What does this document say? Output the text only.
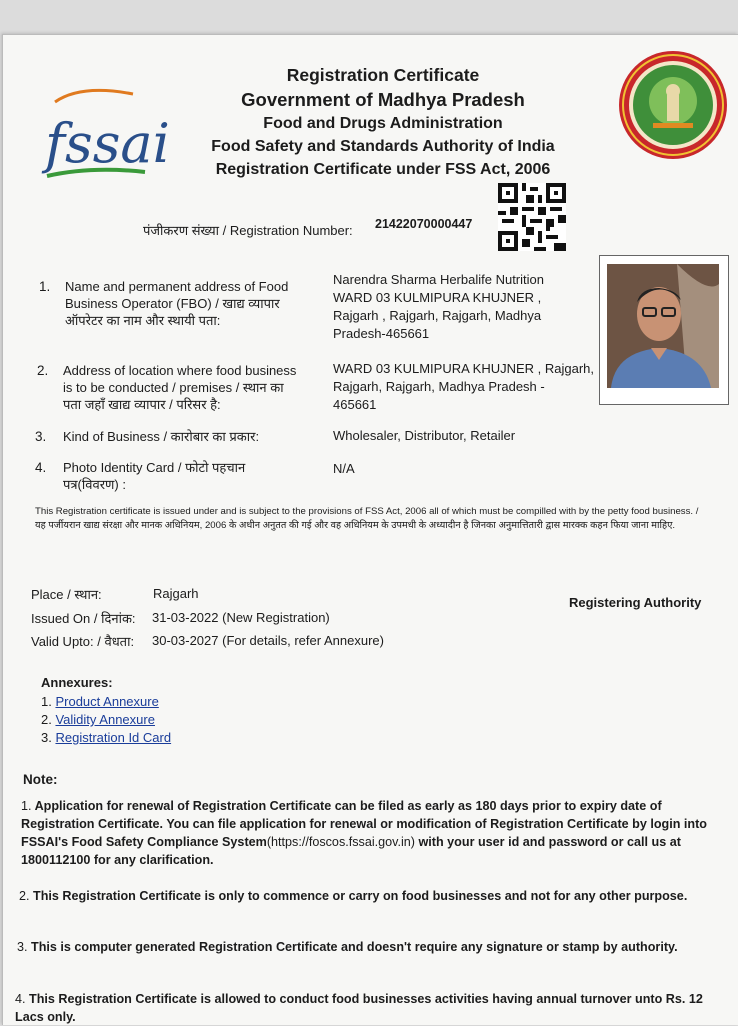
fssai
Registration Certificate
Government of Madhya Pradesh
Food and Drugs Administration
Food Safety and Standards Authority of India
Registration Certificate under FSS Act, 2006
पंजीकरण संख्या / Registration Number: 21422070000447
1. Name and permanent address of Food
Business Operator (FBO) / खाद्य व्यापार
ऑपरेटर का नाम और स्थायी पता:
Narendra Sharma Herbalife Nutrition
WARD 03 KULMIPURA KHUJNER ,
Rajgarh , Rajgarh, Rajgarh, Madhya
Pradesh-465661
2. Address of location where food business
is to be conducted / premises / स्थान का
पता जहाँ खाद्य व्यापार / परिसर है:
WARD 03 KULMIPURA KHUJNER , Rajgarh,
Rajgarh, Rajgarh, Madhya Pradesh -
465661
3. Kind of Business / कारोबार का प्रकार:	Wholesaler, Distributor, Retailer
4. Photo Identity Card / फोटो पहचान
पत्र(विवरण) :
N/A
This Registration certificate is issued under and is subject to the provisions of FSS Act, 2006 all of which must be compilled with by the petty food business. / यह पर्जीयरान खाद्य संरक्षा और मानक अधिनियम, 2006 के अधीन अनुतत की गई और वह अधिनियम के उपमधी के अध्यादीन है जिनका अनुमात्तितारी द्वास मारक्क कहन फिया जाना माहिए.
Place / स्थान:	Rajgarh
Issued On / दिनांक: 31-03-2022 (New Registration)
Valid Upto: / वैधता: 30-03-2027 (For details, refer Annexure)
Registering Authority
Annexures:
1. Product Annexure
2. Validity Annexure
3. Registration Id Card
Note:
1. Application for renewal of Registration Certificate can be filed as early as 180 days prior to expiry date of Registration Certificate. You can file application for renewal or modification of Registration Certificate by login into FSSAI's Food Safety Compliance System(https://foscos.fssai.gov.in) with your user id and password or call us at 1800112100 for any clarification.
2. This Registration Certificate is only to commence or carry on food businesses and not for any other purpose.
3. This is computer generated Registration Certificate and doesn't require any signature or stamp by authority.
4. This Registration Certificate is allowed to conduct food businesses activities having annual turnover unto Rs. 12 Lacs only.
